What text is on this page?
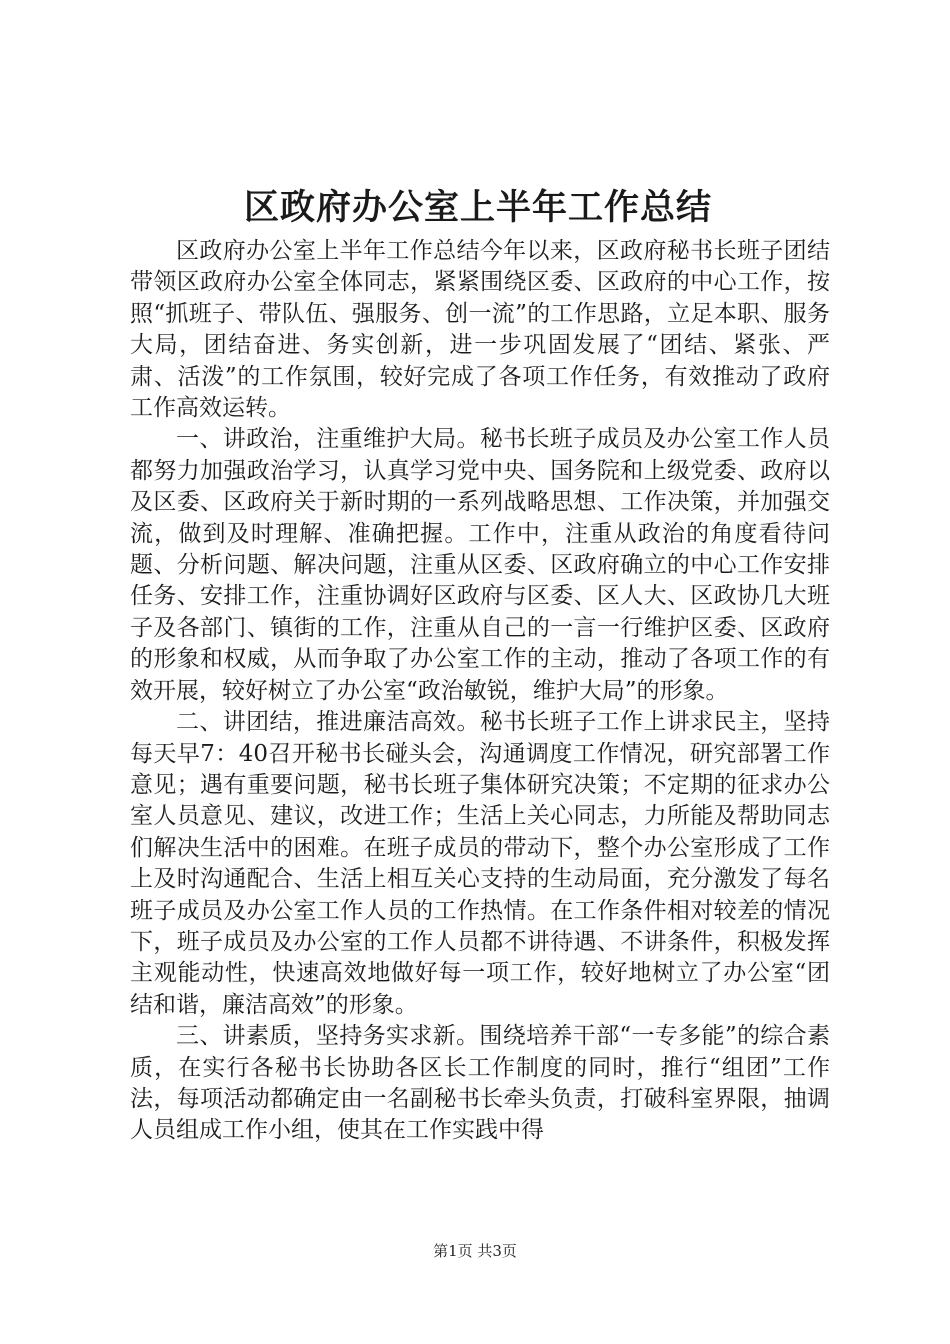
区政府办公室上半年工作总结

区政府办公室上半年工作总结今年以来，区政府秘书长班子团结带领区政府办公室全体同志，紧紧围绕区委、区政府的中心工作，按照“抓班子、带队伍、强服务、创一流”的工作思路，立足本职、服务大局，团结奋进、务实创新，进一步巩固发展了“团结、紧张、严肃、活泼”的工作氛围，较好完成了各项工作任务，有效推动了政府工作高效运转。

一、讲政治，注重维护大局。秘书长班子成员及办公室工作人员都努力加强政治学习，认真学习党中央、国务院和上级党委、政府以及区委、区政府关于新时期的一系列战略思想、工作决策，并加强交流，做到及时理解、准确把握。工作中，注重从政治的角度看待问题、分析问题、解决问题，注重从区委、区政府确立的中心工作安排任务、安排工作，注重协调好区政府与区委、区人大、区政协几大班子及各部门、镇街的工作，注重从自己的一言一行维护区委、区政府的形象和权威，从而争取了办公室工作的主动，推动了各项工作的有效开展，较好树立了办公室“政治敏锐，维护大局”的形象。

二、讲团结，推进廉洁高效。秘书长班子工作上讲求民主，坚持每天早7：40召开秘书长碰头会，沟通调度工作情况，研究部署工作意见；遇有重要问题，秘书长班子集体研究决策；不定期的征求办公室人员意见、建议，改进工作；生活上关心同志，力所能及帮助同志们解决生活中的困难。在班子成员的带动下，整个办公室形成了工作上及时沟通配合、生活上相互关心支持的生动局面，充分激发了每名班子成员及办公室工作人员的工作热情。在工作条件相对较差的情况下，班子成员及办公室的工作人员都不讲待遇、不讲条件，积极发挥主观能动性，快速高效地做好每一项工作，较好地树立了办公室“团结和谐，廉洁高效”的形象。

三、讲素质，坚持务实求新。围绕培养干部“一专多能”的综合素质，在实行各秘书长协助各区长工作制度的同时，推行“组团”工作法，每项活动都确定由一名副秘书长牵头负责，打破科室界限，抽调人员组成工作小组，使其在工作实践中得

第1页 共3页
